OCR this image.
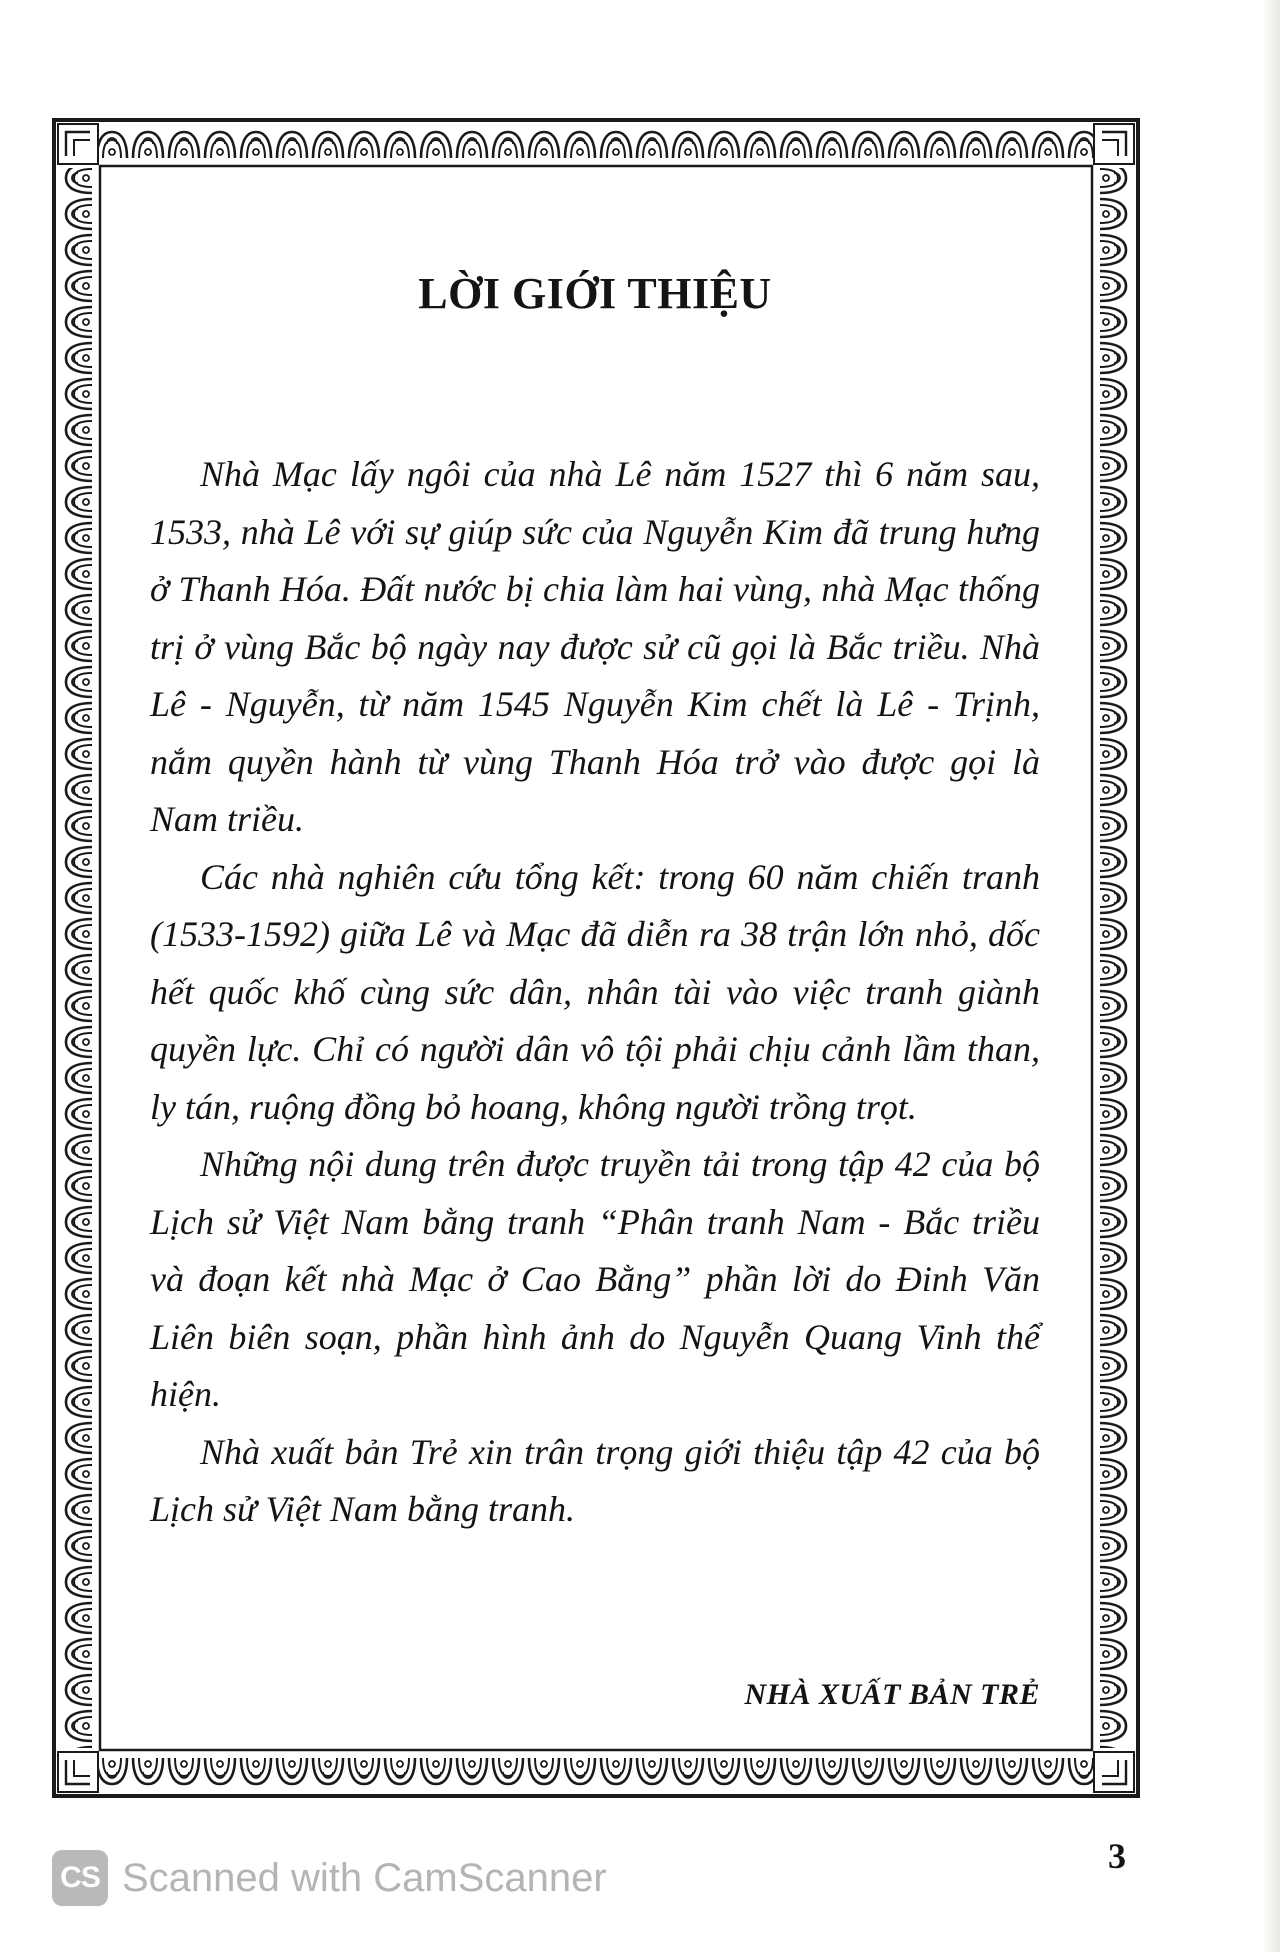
LỜI GIỚI THIỆU

Nhà Mạc lấy ngôi của nhà Lê năm 1527 thì 6 năm sau, 1533, nhà Lê với sự giúp sức của Nguyễn Kim đã trung hưng ở Thanh Hóa. Đất nước bị chia làm hai vùng, nhà Mạc thống trị ở vùng Bắc bộ ngày nay được sử cũ gọi là Bắc triều. Nhà Lê - Nguyễn, từ năm 1545 Nguyễn Kim chết là Lê - Trịnh, nắm quyền hành từ vùng Thanh Hóa trở vào được gọi là Nam triều.

Các nhà nghiên cứu tổng kết: trong 60 năm chiến tranh (1533-1592) giữa Lê và Mạc đã diễn ra 38 trận lớn nhỏ, dốc hết quốc khố cùng sức dân, nhân tài vào việc tranh giành quyền lực. Chỉ có người dân vô tội phải chịu cảnh lầm than, ly tán, ruộng đồng bỏ hoang, không người trồng trọt.

Những nội dung trên được truyền tải trong tập 42 của bộ Lịch sử Việt Nam bằng tranh “Phân tranh Nam - Bắc triều và đoạn kết nhà Mạc ở Cao Bằng” phần lời do Đinh Văn Liên biên soạn, phần hình ảnh do Nguyễn Quang Vinh thể hiện.

Nhà xuất bản Trẻ xin trân trọng giới thiệu tập 42 của bộ Lịch sử Việt Nam bằng tranh.

NHÀ XUẤT BẢN TRẺ
3
CS Scanned with CamScanner
